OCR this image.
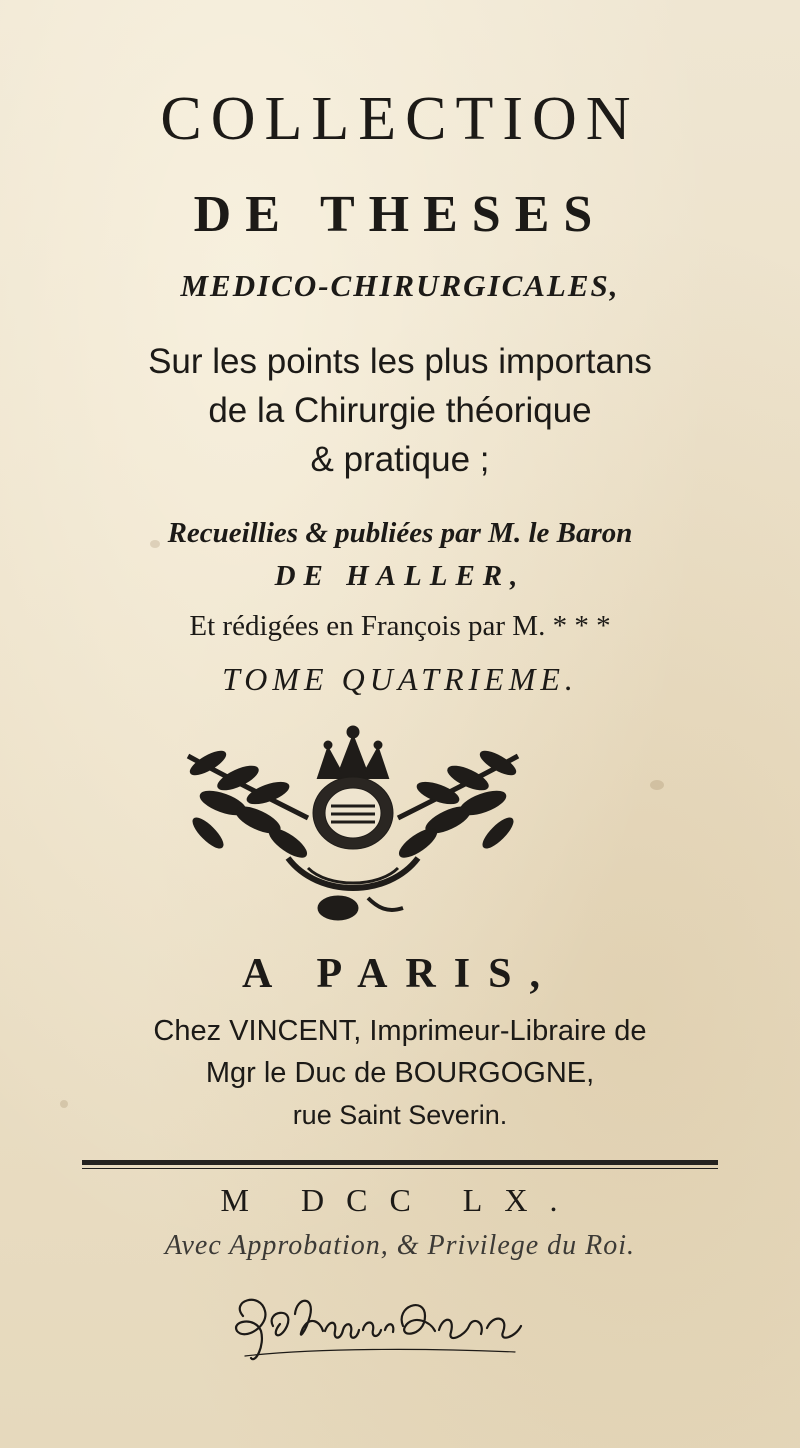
COLLECTION
DE THESES
MEDICO-CHIRURGICALES,
Sur les points les plus importans
de la Chirurgie théorique
& pratique ;
Recueillies & publiées par M. le Baron
DE HALLER,
Et rédigées en François par M. * * *
TOME QUATRIEME.
A PARIS,
Chez VINCENT, Imprimeur-Libraire de
Mgr le Duc de BOURGOGNE,
rue Saint Severin.
M DCC LX.
Avec Approbation, & Privilege du Roi.
